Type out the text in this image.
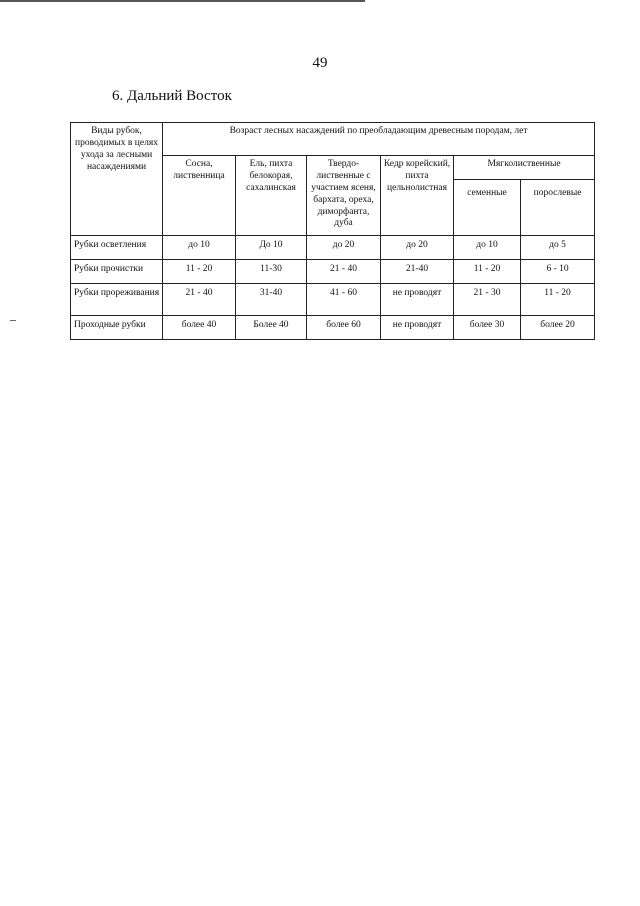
49
6. Дальний Восток
Виды рубок, проводимых в целях ухода за лесными насаждениями	Возраст лесных насаждений по преобладающим древесным породам, лет					
	Сосна, лиственница	Ель, пихта белокорая, сахалинская	Твердо-лиственные с участием ясеня, бархата, ореха, диморфанта, дуба	Кедр корейский, пихта цельнолистная	Мягколиственные	
					семенные	порослевые
Рубки осветления	до 10	До 10	до 20	до 20	до 10	до 5
Рубки прочистки	11 - 20	11-30	21 - 40	21-40	11 - 20	6 - 10
Рубки прореживания	21 - 40	31-40	41 - 60	не проводят	21 - 30	11 - 20
Проходные рубки	более 40	Более 40	более 60	не проводят	более 30	более 20
